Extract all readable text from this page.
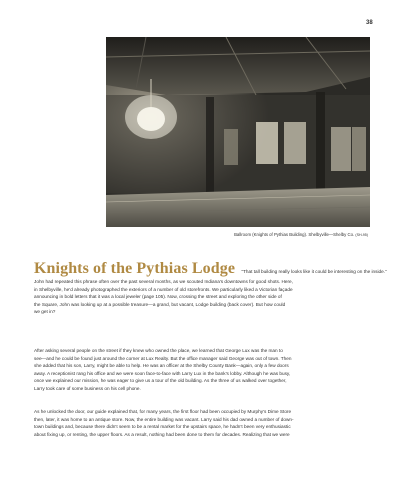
38
Ballroom (Knights of Pythias Building). Shelbyville—Shelby Co. (SH-95)
Knights of the Pythias Lodge “That tall building really looks like it could be interesting on the inside.”
John had repeated this phrase often over the past several months, as we scouted Indiana’s downtowns for good shots. Here,
in Shelbyville, he’d already photographed the exteriors of a number of old storefronts. We particularly liked a Victorian façade
announcing in bold letters that it was a local jeweler (page 105). Now, crossing the street and exploring the other side of
the Square, John was looking up at a possible treasure—a grand, but vacant, Lodge building (back cover). But how could
we get in?
After asking several people on the street if they knew who owned the place, we learned that George Lux was the man to
see—and he could be found just around the corner at Lux Realty. But the office manager said George was out of town. Then
she added that his son, Larry, might be able to help. He was an officer at the Shelby County Bank—again, only a few doors
away. A receptionist rang his office and we were soon face-to-face with Larry Lux in the bank’s lobby. Although he was busy,
once we explained our mission, he was eager to give us a tour of the old building. As the three of us walked over together,
Larry took care of some business on his cell phone.
As he unlocked the door, our guide explained that, for many years, the first floor had been occupied by Murphy’s Dime Store
then, later, it was home to an antique store. Now, the entire building was vacant. Larry said his dad owned a number of down-
town buildings and, because there didn’t seem to be a rental market for the upstairs space, he hadn’t been very enthusiastic
about fixing up, or renting, the upper floors. As a result, nothing had been done to them for decades. Realizing that we were
